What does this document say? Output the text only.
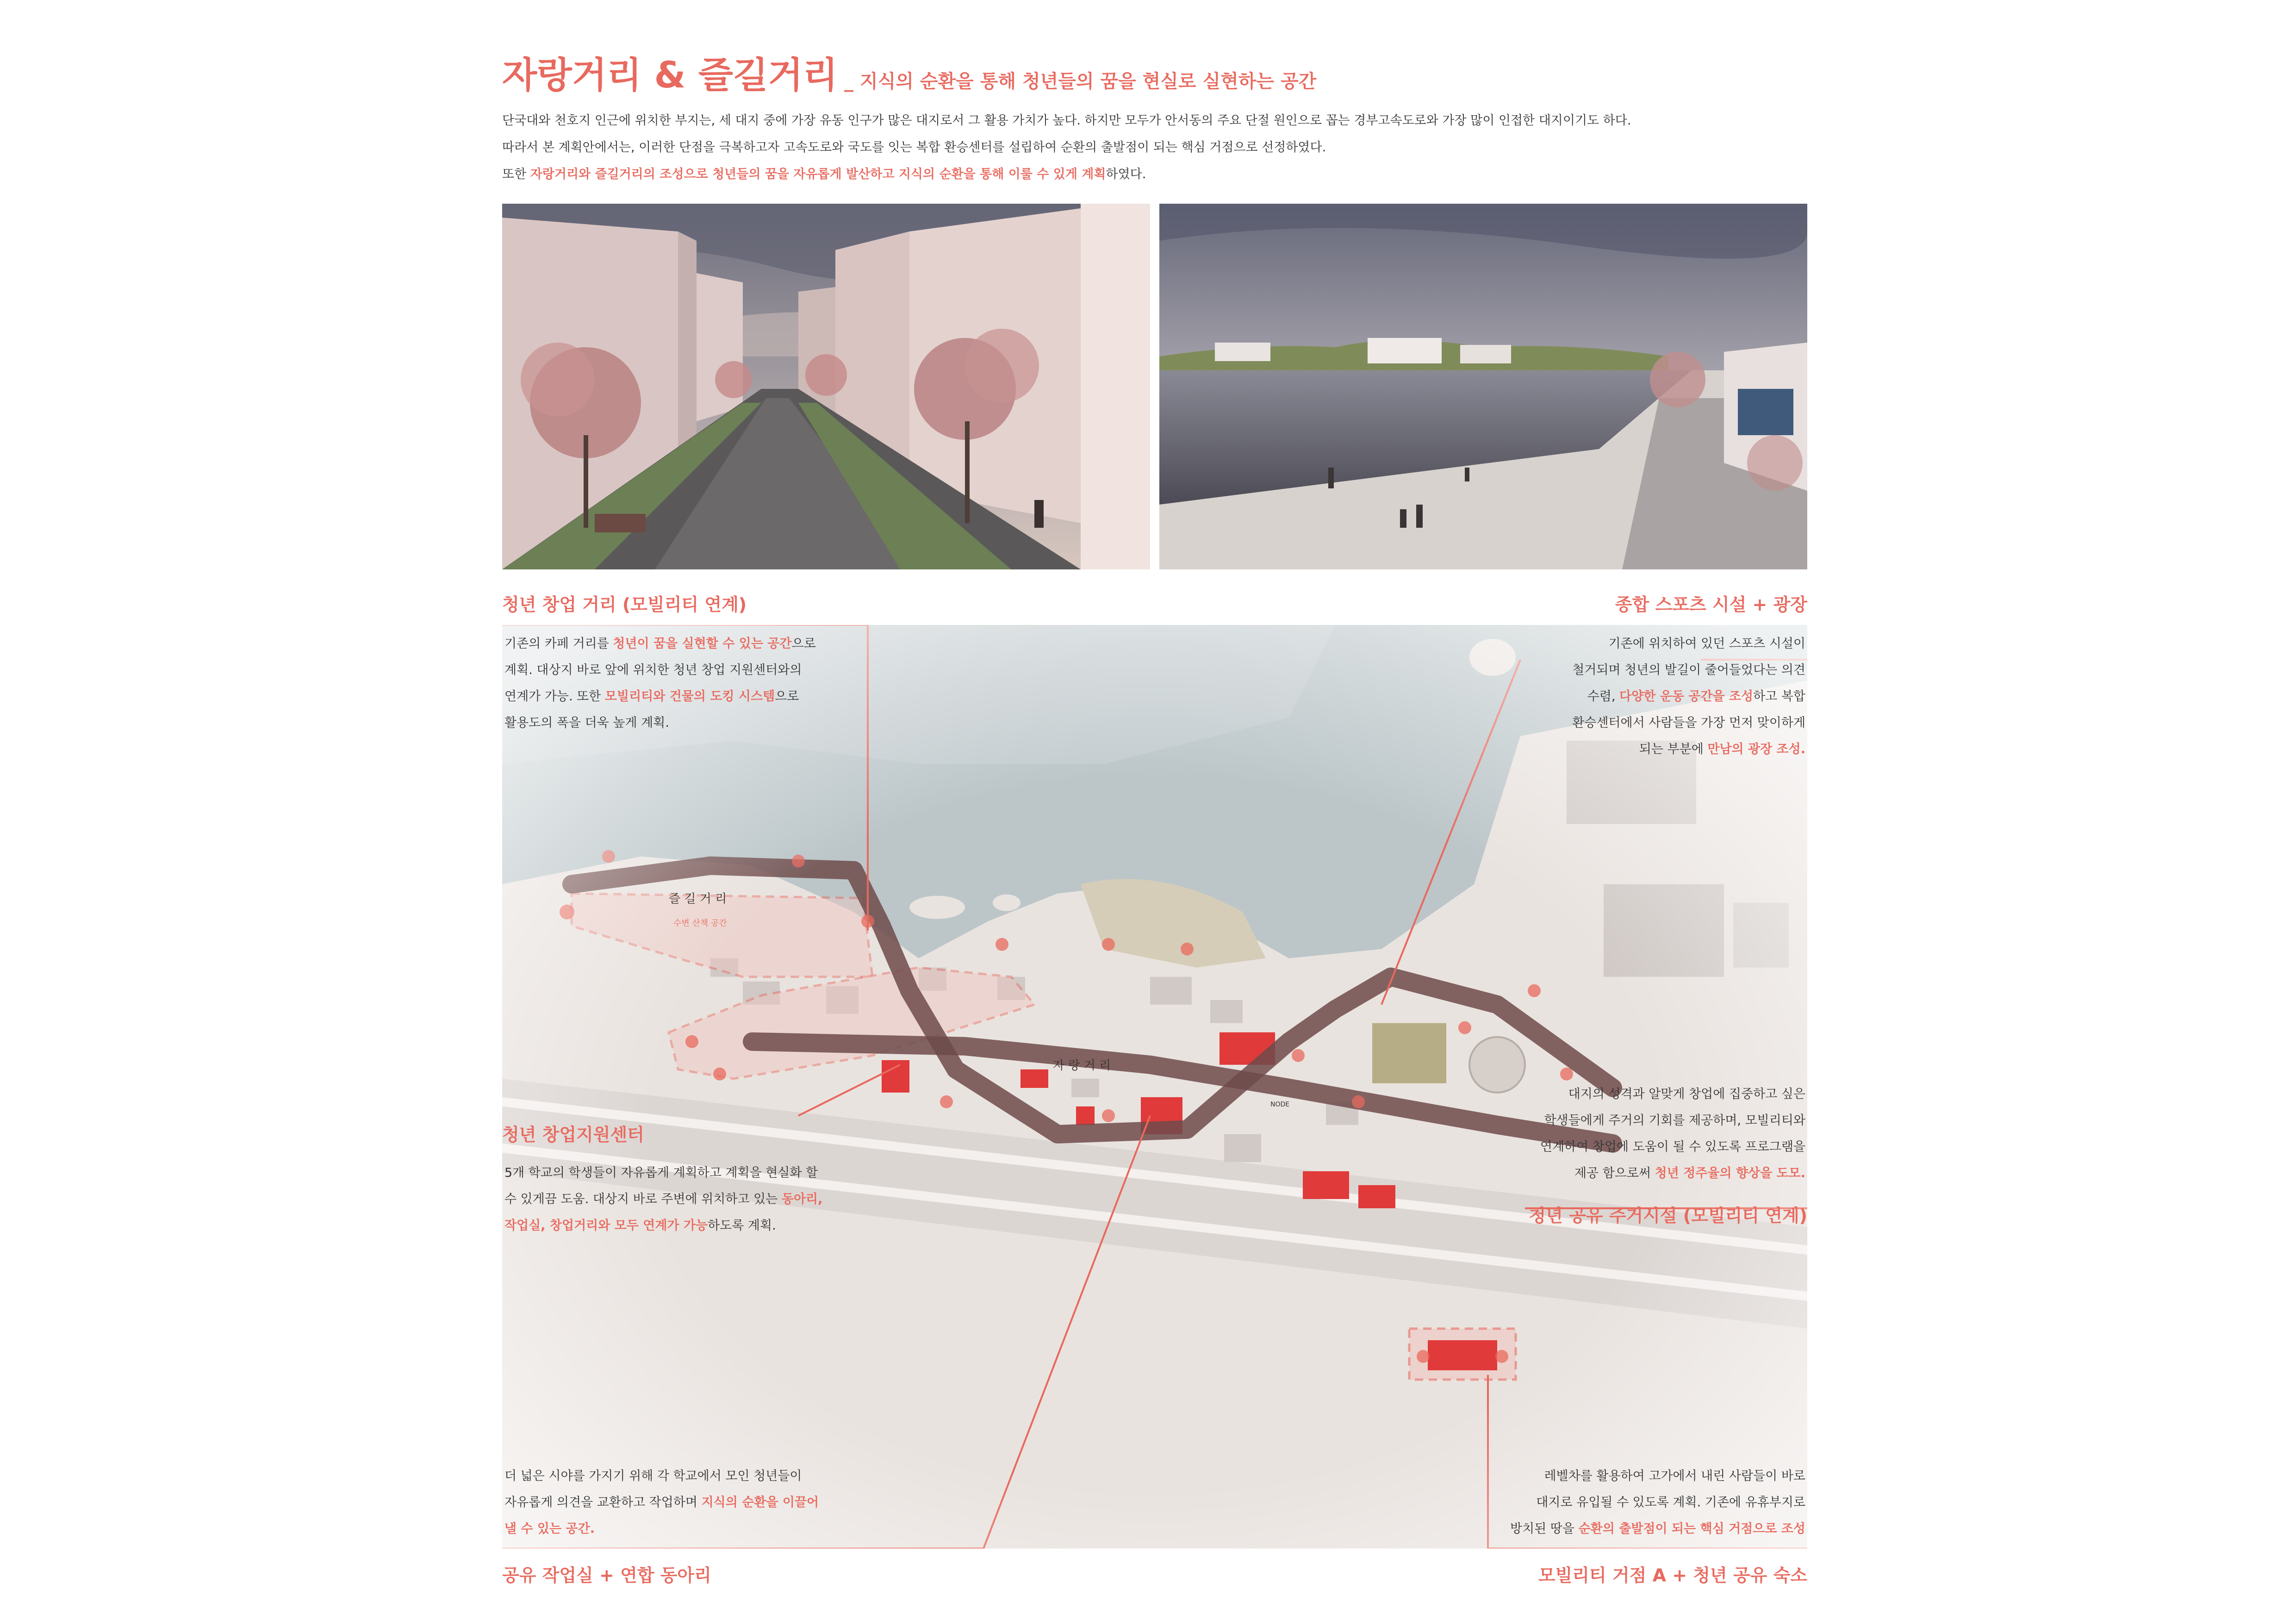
자랑거리 & 즐길거리 _ 지식의 순환을 통해 청년들의 꿈을 현실로 실현하는 공간

단국대와 천호지 인근에 위치한 부지는, 세 대지 중에 가장 유동 인구가 많은 대지로서 그 활용 가치가 높다. 하지만 모두가 안서동의 주요 단절 원인으로 꼽는 경부고속도로와 가장 많이 인접한 대지이기도 하다.

따라서 본 계획안에서는, 이러한 단점을 극복하고자 고속도로와 국도를 잇는 복합 환승센터를 설립하여 순환의 출발점이 되는 핵심 거점으로 선정하였다.

또한 자랑거리와 즐길거리의 조성으로 청년들의 꿈을 자유롭게 발산하고 지식의 순환을 통해 이룰 수 있게 계획하였다.

즐 길 거 리
수변 산책 공간
자 랑 거 리
NODE
청년 창업 거리 (모빌리티 연계)
기존의 카페 거리를 청년이 꿈을 실현할 수 있는 공간으로
계획. 대상지 바로 앞에 위치한 청년 창업 지원센터와의
연계가 가능. 또한 모빌리티와 건물의 도킹 시스템으로
활용도의 폭을 더욱 높게 계획.
종합 스포츠 시설 + 광장
기존에 위치하여 있던 스포츠 시설이
철거되며 청년의 발길이 줄어들었다는 의견
수렴, 다양한 운동 공간을 조성하고 복합
환승센터에서 사람들을 가장 먼저 맞이하게
되는 부분에 만남의 광장 조성.
청년 창업지원센터
5개 학교의 학생들이 자유롭게 계획하고 계획을 현실화 할
수 있게끔 도움. 대상지 바로 주변에 위치하고 있는 동아리,
작업실, 창업거리와 모두 연계가 가능하도록 계획.
대지의 성격과 알맞게 창업에 집중하고 싶은
학생들에게 주거의 기회를 제공하며, 모빌리티와
연계하여 창업에 도움이 될 수 있도록 프로그램을
제공 함으로써 청년 정주율의 향상을 도모.
청년 공유 주거시설 (모빌리티 연계)
더 넓은 시야를 가지기 위해 각 학교에서 모인 청년들이
자유롭게 의견을 교환하고 작업하며 지식의 순환을 이끌어
낼 수 있는 공간.
공유 작업실 + 연합 동아리
레벨차를 활용하여 고가에서 내린 사람들이 바로
대지로 유입될 수 있도록 계획. 기존에 유휴부지로
방치된 땅을 순환의 출발점이 되는 핵심 거점으로 조성
모빌리티 거점 A + 청년 공유 숙소
